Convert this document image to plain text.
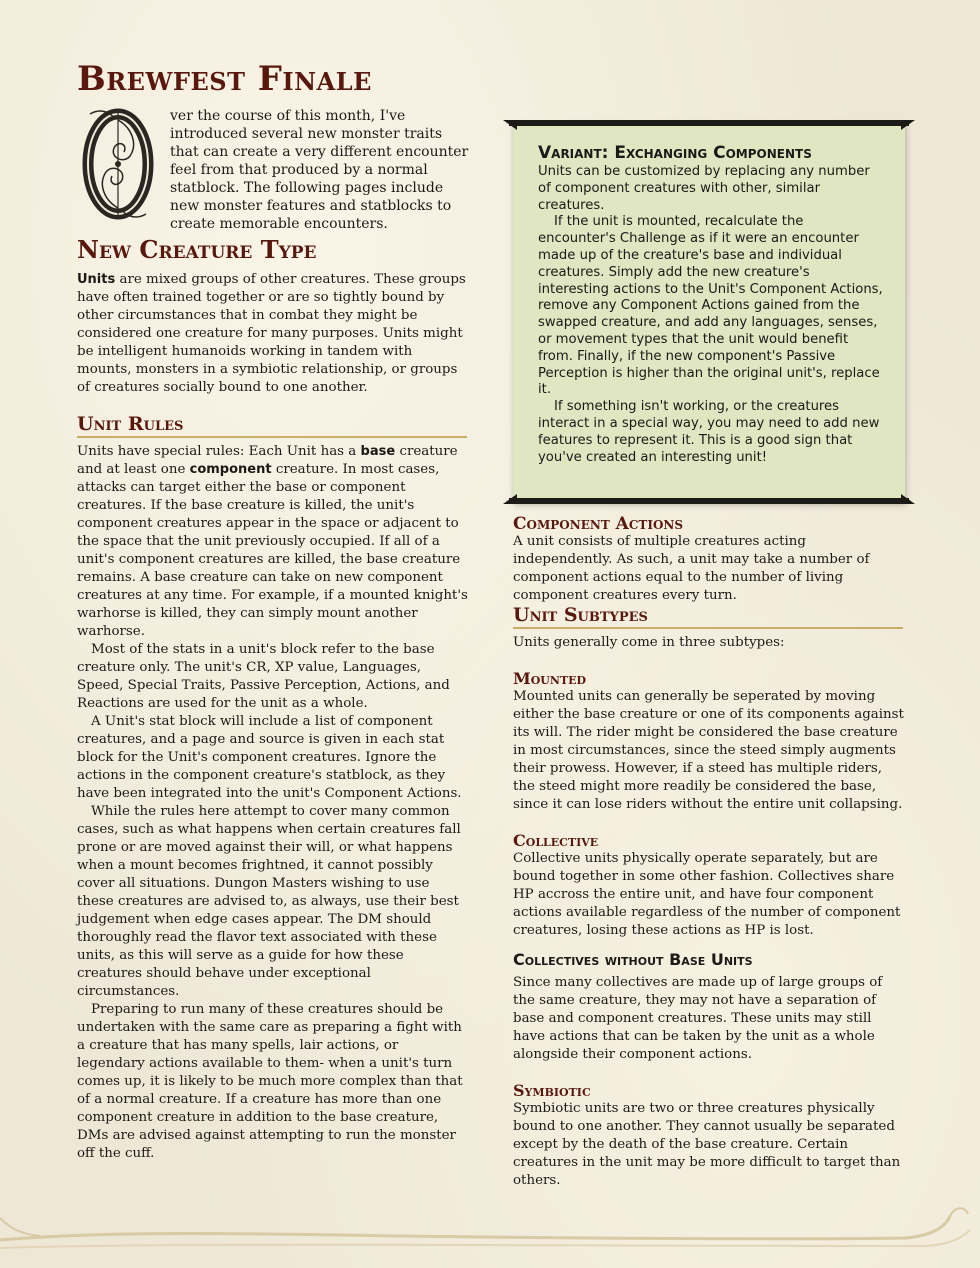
Brewfest Finale

ver the course of this month, I've introduced several new monster traits that can create a very different encounter feel from that produced by a normal statblock. The following pages include new monster features and statblocks to create memorable encounters.

New Creature Type

Units are mixed groups of other creatures. These groups have often trained together or are so tightly bound by other circumstances that in combat they might be considered one creature for many purposes. Units might be intelligent humanoids working in tandem with mounts, monsters in a symbiotic relationship, or groups of creatures socially bound to one another.

Unit Rules

Units have special rules: Each Unit has a base creature and at least one component creature. In most cases, attacks can target either the base or component creatures. If the base creature is killed, the unit's component creatures appear in the space or adjacent to the space that the unit previously occupied. If all of a unit's component creatures are killed, the base creature remains. A base creature can take on new component creatures at any time. For example, if a mounted knight's warhorse is killed, they can simply mount another warhorse.

Most of the stats in a unit's block refer to the base creature only. The unit's CR, XP value, Languages, Speed, Special Traits, Passive Perception, Actions, and Reactions are used for the unit as a whole.

A Unit's stat block will include a list of component creatures, and a page and source is given in each stat block for the Unit's component creatures. Ignore the actions in the component creature's statblock, as they have been integrated into the unit's Component Actions.

While the rules here attempt to cover many common cases, such as what happens when certain creatures fall prone or are moved against their will, or what happens when a mount becomes frightned, it cannot possibly cover all situations. Dungon Masters wishing to use these creatures are advised to, as always, use their best judgement when edge cases appear. The DM should thoroughly read the flavor text associated with these units, as this will serve as a guide for how these creatures should behave under exceptional circumstances.

Preparing to run many of these creatures should be undertaken with the same care as preparing a fight with a creature that has many spells, lair actions, or legendary actions available to them- when a unit's turn comes up, it is likely to be much more complex than that of a normal creature. If a creature has more than one component creature in addition to the base creature, DMs are advised against attempting to run the monster off the cuff.

Variant: Exchanging Components

Units can be customized by replacing any number of component creatures with other, similar creatures.

If the unit is mounted, recalculate the encounter's Challenge as if it were an encounter made up of the creature's base and individual creatures. Simply add the new creature's interesting actions to the Unit's Component Actions, remove any Component Actions gained from the swapped creature, and add any languages, senses, or movement types that the unit would benefit from. Finally, if the new component's Passive Perception is higher than the original unit's, replace it.

If something isn't working, or the creatures interact in a special way, you may need to add new features to represent it. This is a good sign that you've created an interesting unit!

Component Actions

A unit consists of multiple creatures acting independently. As such, a unit may take a number of component actions equal to the number of living component creatures every turn.

Unit Subtypes

Units generally come in three subtypes:

Mounted

Mounted units can generally be seperated by moving either the base creature or one of its components against its will. The rider might be considered the base creature in most circumstances, since the steed simply augments their prowess. However, if a steed has multiple riders, the steed might more readily be considered the base, since it can lose riders without the entire unit collapsing.

Collective

Collective units physically operate separately, but are bound together in some other fashion. Collectives share HP accross the entire unit, and have four component actions available regardless of the number of component creatures, losing these actions as HP is lost.

Collectives without Base Units

Since many collectives are made up of large groups of the same creature, they may not have a separation of base and component creatures. These units may still have actions that can be taken by the unit as a whole alongside their component actions.

Symbiotic

Symbiotic units are two or three creatures physically bound to one another. They cannot usually be separated except by the death of the base creature. Certain creatures in the unit may be more difficult to target than others.
